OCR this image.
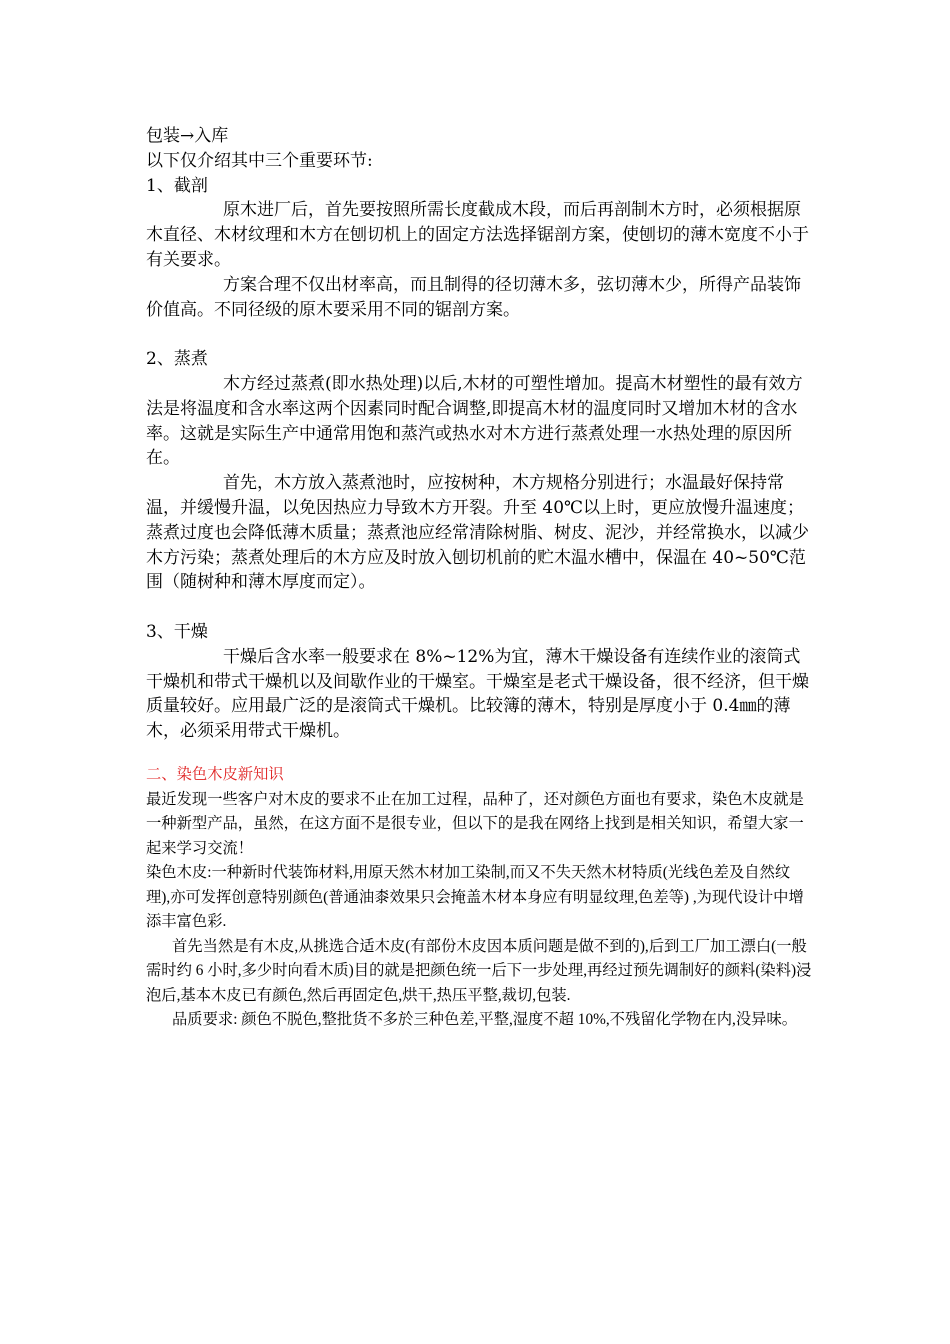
包装→入库

以下仅介绍其中三个重要环节:

1、截剖

原木进厂后，首先要按照所需长度截成木段，而后再剖制木方时，必须根据原木直径、木材纹理和木方在刨切机上的固定方法选择锯剖方案，使刨切的薄木宽度不小于有关要求。

方案合理不仅出材率高，而且制得的径切薄木多，弦切薄木少，所得产品装饰价值高。不同径级的原木要采用不同的锯剖方案。

2、蒸煮

木方经过蒸煮(即水热处理)以后,木材的可塑性增加。提高木材塑性的最有效方法是将温度和含水率这两个因素同时配合调整,即提高木材的温度同时又增加木材的含水率。这就是实际生产中通常用饱和蒸汽或热水对木方进行蒸煮处理一水热处理的原因所在。

首先，木方放入蒸煮池时，应按树种，木方规格分别进行；水温最好保持常温，并缓慢升温，以免因热应力导致木方开裂。升至 40℃以上时，更应放慢升温速度；蒸煮过度也会降低薄木质量；蒸煮池应经常清除树脂、树皮、泥沙，并经常换水，以减少木方污染；蒸煮处理后的木方应及时放入刨切机前的贮木温水槽中，保温在 40~50℃范围（随树种和薄木厚度而定）。

3、干燥

干燥后含水率一般要求在 8%~12%为宜，薄木干燥设备有连续作业的滚筒式干燥机和带式干燥机以及间歇作业的干燥室。干燥室是老式干燥设备，很不经济，但干燥质量较好。应用最广泛的是滚筒式干燥机。比较簿的薄木，特别是厚度小于 0.4㎜的薄木，必须采用带式干燥机。

二、染色木皮新知识

最近发现一些客户对木皮的要求不止在加工过程，品种了，还对颜色方面也有要求，染色木皮就是一种新型产品，虽然，在这方面不是很专业，但以下的是我在网络上找到是相关知识，希望大家一起来学习交流！

染色木皮:一种新时代装饰材料,用原天然木材加工染制,而又不失天然木材特质(光线色差及自然纹理),亦可发挥创意特别颜色(普通油桼效果只会掩盖木材本身应有明显纹理,色差等) ,为现代设计中增添丰富色彩.

首先当然是有木皮,从挑选合适木皮(有部份木皮因本质问题是做不到的),后到工厂加工漂白(一般需时约 6 小时,多少时向看木质)目的就是把颜色统一后下一步处理,再经过预先调制好的颜料(染料)浸泡后,基本木皮已有颜色,然后再固定色,烘干,热压平整,裁切,包装.

品质要求: 颜色不脱色,整批货不多於三种色差,平整,湿度不超 10%,不残留化学物在内,没异味。
